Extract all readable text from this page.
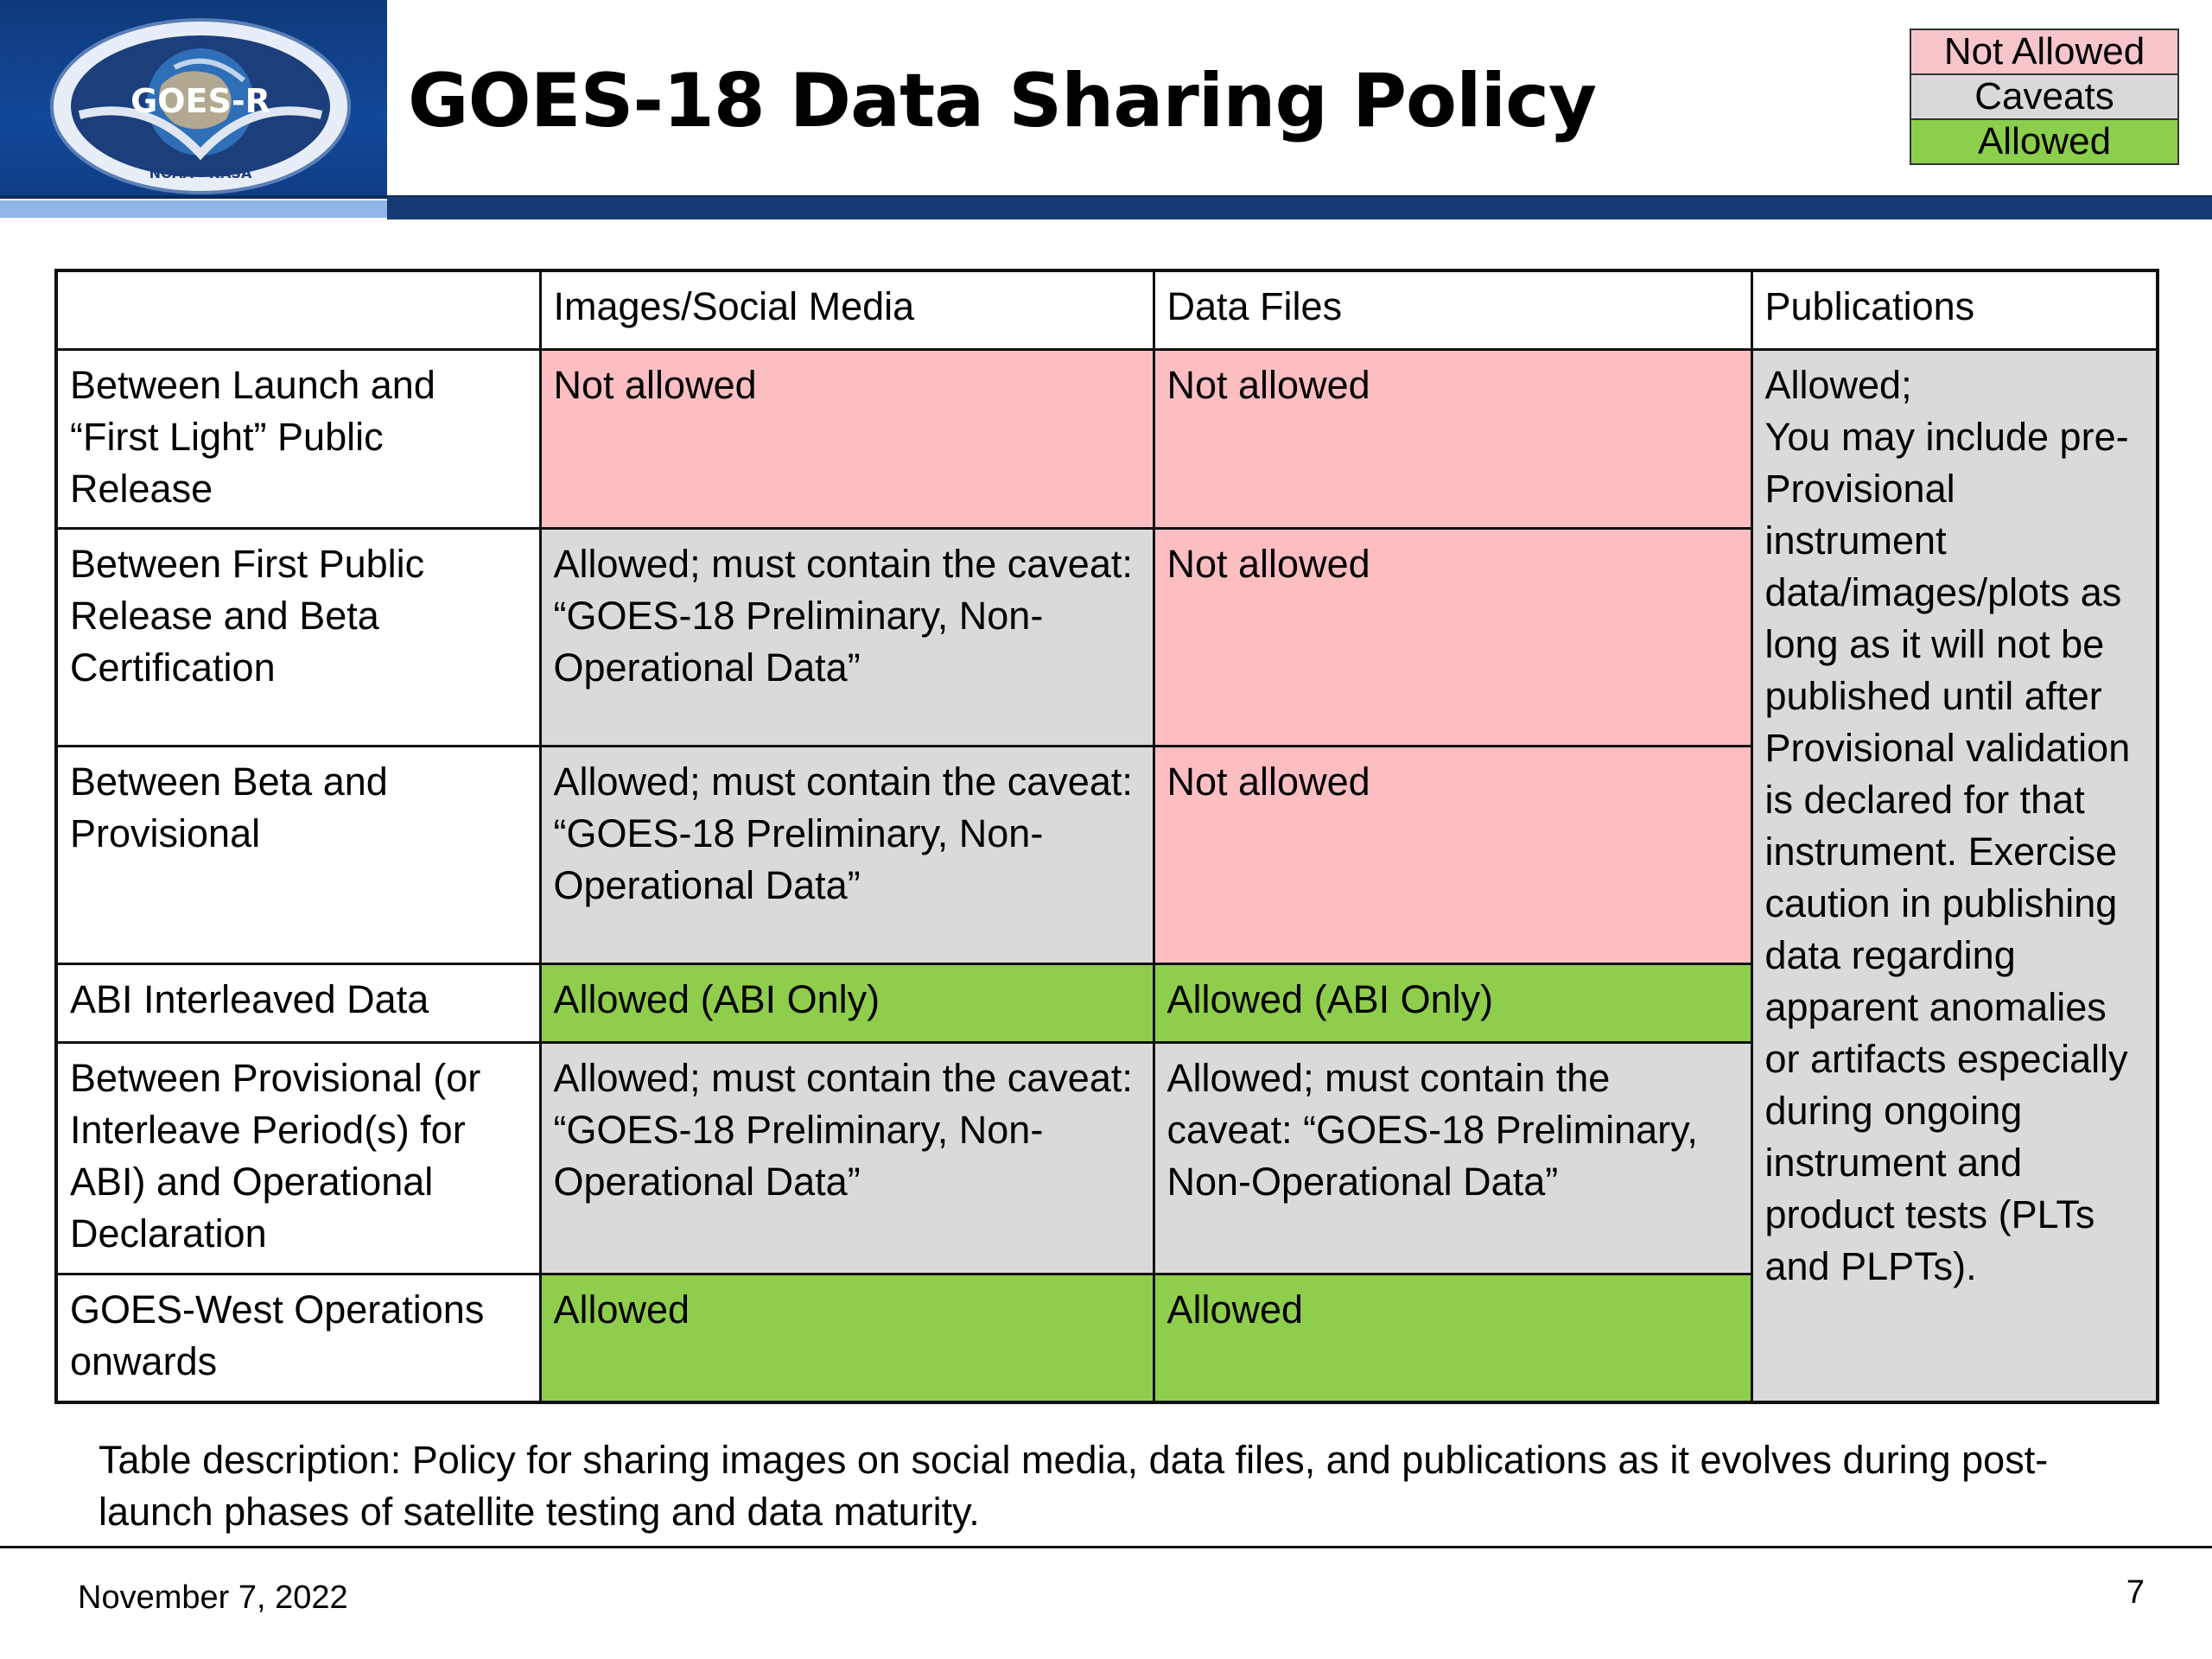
GOES-R
NOAA - NASA
GOES-18 Data Sharing Policy
Not Allowed
Caveats
Allowed
	Images/Social Media	Data Files	Publications
Between Launch and “First Light” Public Release	Not allowed	Not allowed	Allowed;
You may include pre-Provisional instrument data/images/plots as long as it will not be published until after Provisional validation is declared for that instrument. Exercise caution in publishing data regarding apparent anomalies or artifacts especially during ongoing instrument and product tests (PLTs and PLPTs).
Between First Public Release and Beta Certification	Allowed; must contain the caveat: “GOES-18 Preliminary, Non-Operational Data”	Not allowed	
Between Beta and Provisional	Allowed; must contain the caveat: “GOES-18 Preliminary, Non-Operational Data”	Not allowed	
ABI Interleaved Data	Allowed (ABI Only)	Allowed (ABI Only)	
Between Provisional (or Interleave Period(s) for ABI) and Operational Declaration	Allowed; must contain the caveat: “GOES-18 Preliminary, Non-Operational Data”	Allowed; must contain the caveat: “GOES-18 Preliminary, Non-Operational Data”	
GOES-West Operations onwards	Allowed	Allowed	
Table description: Policy for sharing images on social media, data files, and publications as it evolves during post-launch phases of satellite testing and data maturity.
November 7, 2022	7
